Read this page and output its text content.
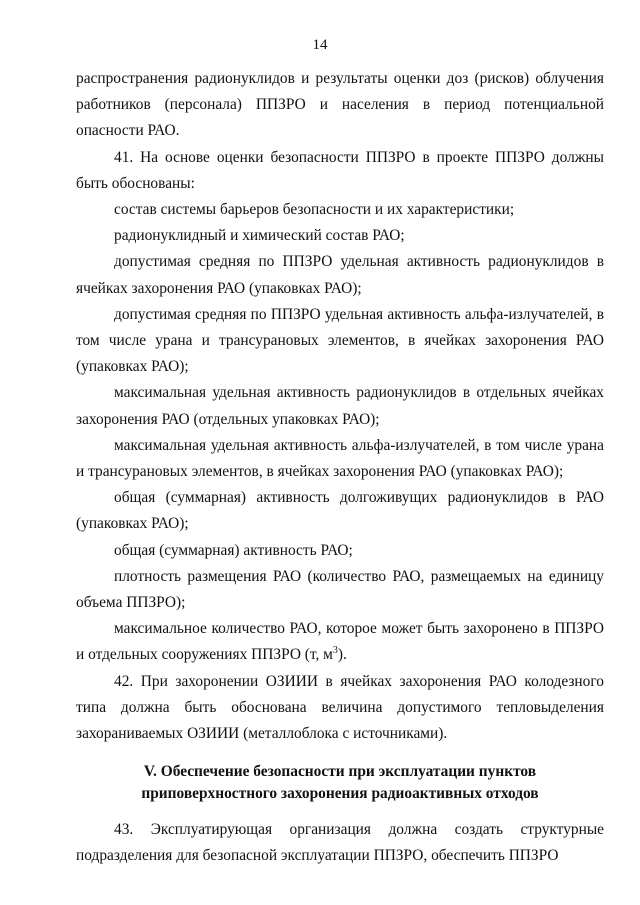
14

распространения радионуклидов и результаты оценки доз (рисков) облучения работников (персонала) ППЗРО и населения в период потенциальной опасности РАО.

41. На основе оценки безопасности ППЗРО в проекте ППЗРО должны быть обоснованы:

состав системы барьеров безопасности и их характеристики;

радионуклидный и химический состав РАО;

допустимая средняя по ППЗРО удельная активность радионуклидов в ячейках захоронения РАО (упаковках РАО);

допустимая средняя по ППЗРО удельная активность альфа-излучателей, в том числе урана и трансурановых элементов, в ячейках захоронения РАО (упаковках РАО);

максимальная удельная активность радионуклидов в отдельных ячейках захоронения РАО (отдельных упаковках РАО);

максимальная удельная активность альфа-излучателей, в том числе урана и трансурановых элементов, в ячейках захоронения РАО (упаковках РАО);

общая (суммарная) активность долгоживущих радионуклидов в РАО (упаковках РАО);

общая (суммарная) активность РАО;

плотность размещения РАО (количество РАО, размещаемых на единицу объема ППЗРО);

максимальное количество РАО, которое может быть захоронено в ППЗРО и отдельных сооружениях ППЗРО (т, $м^3$).

42. При захоронении ОЗИИИ в ячейках захоронения РАО колодезного типа должна быть обоснована величина допустимого тепловыделения захораниваемых ОЗИИИ (металлоблока с источниками).

V. Обеспечение безопасности при эксплуатации пунктов приповерхностного захоронения радиоактивных отходов

43. Эксплуатирующая организация должна создать структурные подразделения для безопасной эксплуатации ППЗРО, обеспечить ППЗРО
